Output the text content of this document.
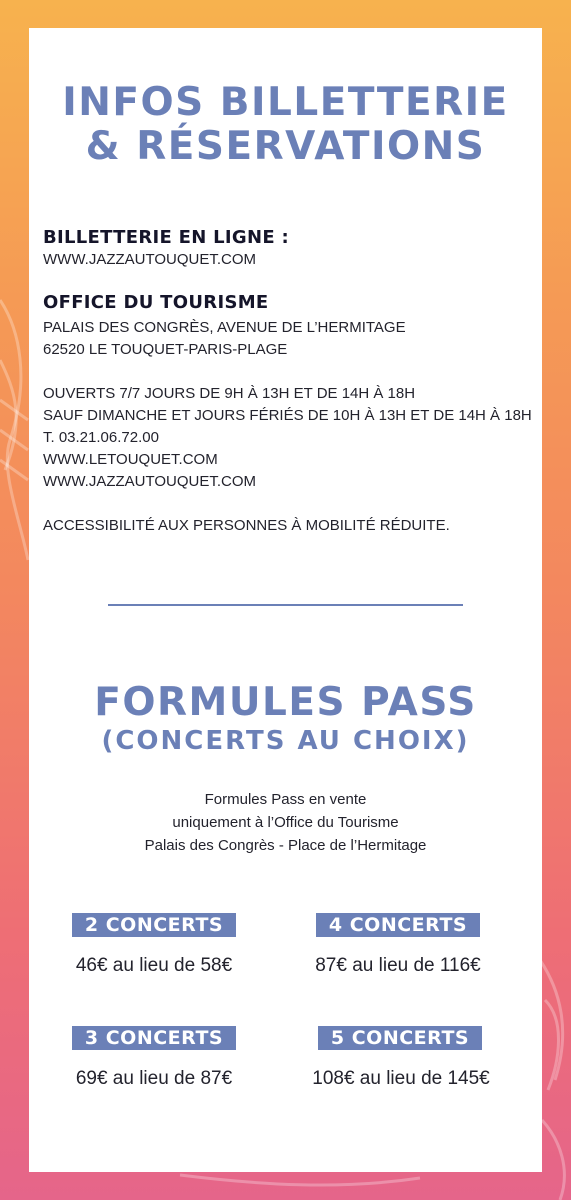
INFOS BILLETTERIE
& RÉSERVATIONS
BILLETTERIE EN LIGNE :
WWW.JAZZAUTOUQUET.COM
OFFICE DU TOURISME
PALAIS DES CONGRÈS, AVENUE DE L’HERMITAGE
62520 LE TOUQUET-PARIS-PLAGE
OUVERTS 7/7 JOURS DE 9H À 13H ET DE 14H À 18H
SAUF DIMANCHE ET JOURS FÉRIÉS DE 10H À 13H ET DE 14H À 18H
T. 03.21.06.72.00
WWW.LETOUQUET.COM
WWW.JAZZAUTOUQUET.COM
ACCESSIBILITÉ AUX PERSONNES À MOBILITÉ RÉDUITE.
FORMULES PASS
(CONCERTS AU CHOIX)
Formules Pass en vente
uniquement à l’Office du Tourisme
Palais des Congrès - Place de l’Hermitage
2 CONCERTS
46€ au lieu de 58€
4 CONCERTS
87€ au lieu de 116€
3 CONCERTS
69€ au lieu de 87€
5 CONCERTS
108€ au lieu de 145€
